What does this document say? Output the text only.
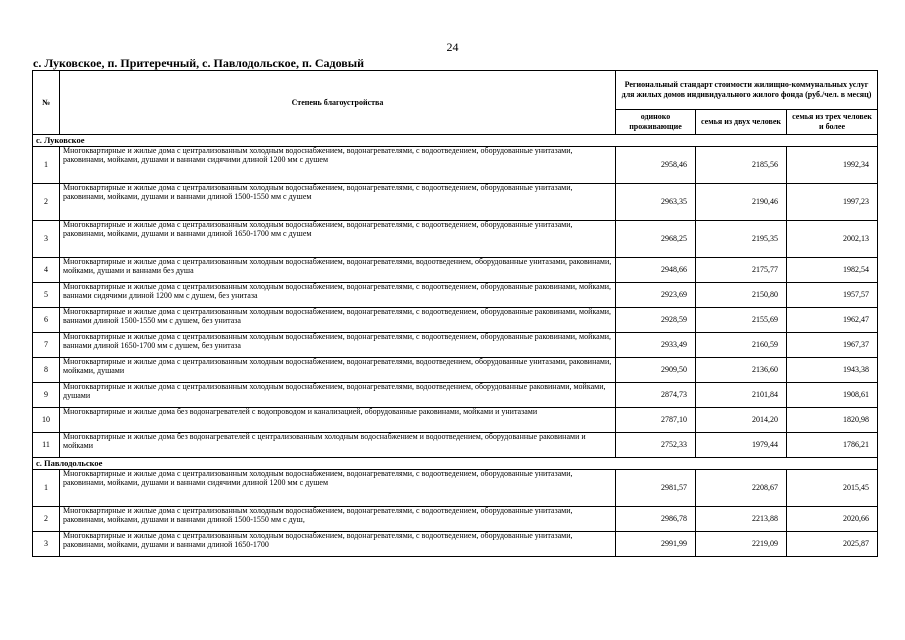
24
с. Луковское, п. Притеречный, с. Павлодольское, п. Садовый
№	Степень благоустройства	Региональный стандарт стоимости жилищно-коммунальных услуг для жилых домов индивидуального жилого фонда (руб./чел. в месяц)		
		одиноко проживающие	семья из двух человек	семья из трех человек и более
с. Луковское				
1	Многоквартирные и жилые дома с централизованным холодным водоснабжением, водонагревателями, с водоотведением, оборудованные унитазами, раковинами, мойками, душами и ваннами сидячими длиной 1200 мм с душем	2958,46	2185,56	1992,34
2	Многоквартирные и жилые дома с централизованным холодным водоснабжением, водонагревателями, с водоотведением, оборудованные унитазами, раковинами, мойками, душами и ваннами длиной 1500-1550 мм с душем	2963,35	2190,46	1997,23
3	Многоквартирные и жилые дома с централизованным холодным водоснабжением, водонагревателями, с водоотведением, оборудованные унитазами, раковинами, мойками, душами и ваннами длиной 1650-1700 мм с душем	2968,25	2195,35	2002,13
4	Многоквартирные и жилые дома с централизованным холодным водоснабжением, водонагревателями, водоотведением, оборудованные унитазами, раковинами, мойками, душами и ваннами без душа	2948,66	2175,77	1982,54
5	Многоквартирные и жилые дома с централизованным холодным водоснабжением, водонагревателями, с водоотведением, оборудованные раковинами, мойками, ваннами сидячими длиной 1200 мм с душем, без унитаза	2923,69	2150,80	1957,57
6	Многоквартирные и жилые дома с централизованным холодным водоснабжением, водонагревателями, с водоотведением, оборудованные раковинами, мойками, ваннами длиной 1500-1550 мм с душем, без унитаза	2928,59	2155,69	1962,47
7	Многоквартирные и жилые дома с централизованным холодным водоснабжением, водонагревателями, с водоотведением, оборудованные раковинами, мойками, ваннами длиной 1650-1700 мм с душем, без унитаза	2933,49	2160,59	1967,37
8	Многоквартирные и жилые дома с централизованным холодным водоснабжением, водонагревателями, водоотведением, оборудованные унитазами, раковинами, мойками, душами	2909,50	2136,60	1943,38
9	Многоквартирные и жилые дома с централизованным холодным водоснабжением, водонагревателями, водоотведением, оборудованные раковинами, мойками, душами	2874,73	2101,84	1908,61
10	Многоквартирные и жилые дома без водонагревателей с водопроводом и канализацией, оборудованные раковинами, мойками и унитазами	2787,10	2014,20	1820,98
11	Многоквартирные и жилые дома без водонагревателей с централизованным холодным водоснабжением и водоотведением, оборудованные раковинами и мойками	2752,33	1979,44	1786,21
с. Павлодольское				
1	Многоквартирные и жилые дома с централизованным холодным водоснабжением, водонагревателями, с водоотведением, оборудованные унитазами, раковинами, мойками, душами и ваннами сидячими длиной 1200 мм с душем	2981,57	2208,67	2015,45
2	Многоквартирные и жилые дома с централизованным холодным водоснабжением, водонагревателями, с водоотведением, оборудованные унитазами, раковинами, мойками, душами и ваннами длиной 1500-1550 мм с душ,	2986,78	2213,88	2020,66
3	Многоквартирные и жилые дома с централизованным холодным водоснабжением, водонагревателями, с водоотведением, оборудованные унитазами, раковинами, мойками, душами и ваннами длиной 1650-1700	2991,99	2219,09	2025,87
